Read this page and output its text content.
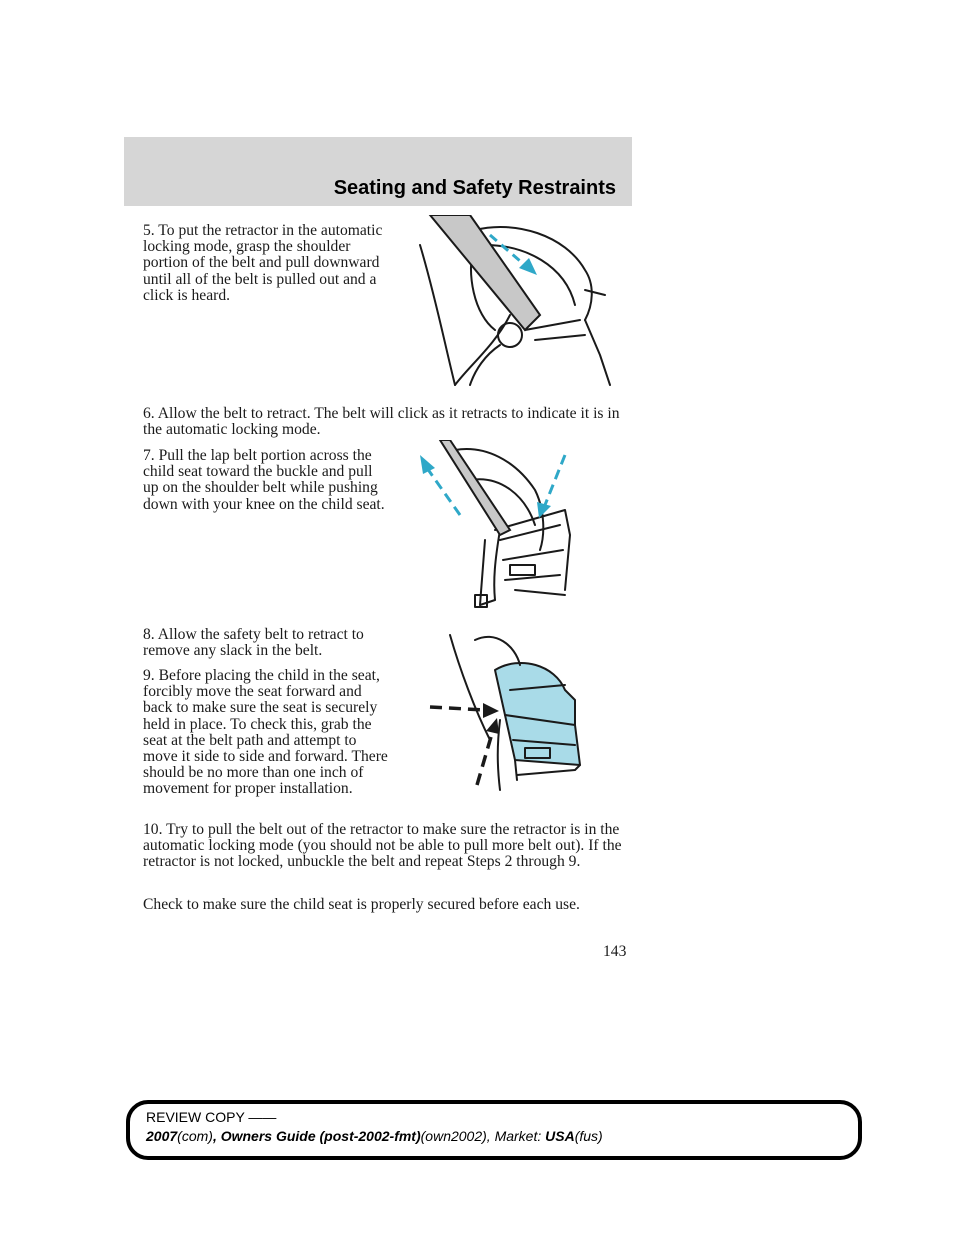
Seating and Safety Restraints

5. To put the retractor in the automatic locking mode, grasp the shoulder portion of the belt and pull downward until all of the belt is pulled out and a click is heard.

6. Allow the belt to retract. The belt will click as it retracts to indicate it is in the automatic locking mode.

7. Pull the lap belt portion across the child seat toward the buckle and pull up on the shoulder belt while pushing down with your knee on the child seat.

8. Allow the safety belt to retract to remove any slack in the belt.

9. Before placing the child in the seat, forcibly move the seat forward and back to make sure the seat is securely held in place. To check this, grab the seat at the belt path and attempt to move it side to side and forward. There should be no more than one inch of movement for proper installation.

10. Try to pull the belt out of the retractor to make sure the retractor is in the automatic locking mode (you should not be able to pull more belt out). If the retractor is not locked, unbuckle the belt and repeat Steps 2 through 9.

Check to make sure the child seat is properly secured before each use.

143
REVIEW COPY ——
2007(com), Owners Guide (post-2002-fmt)(own2002), Market: USA(fus)
